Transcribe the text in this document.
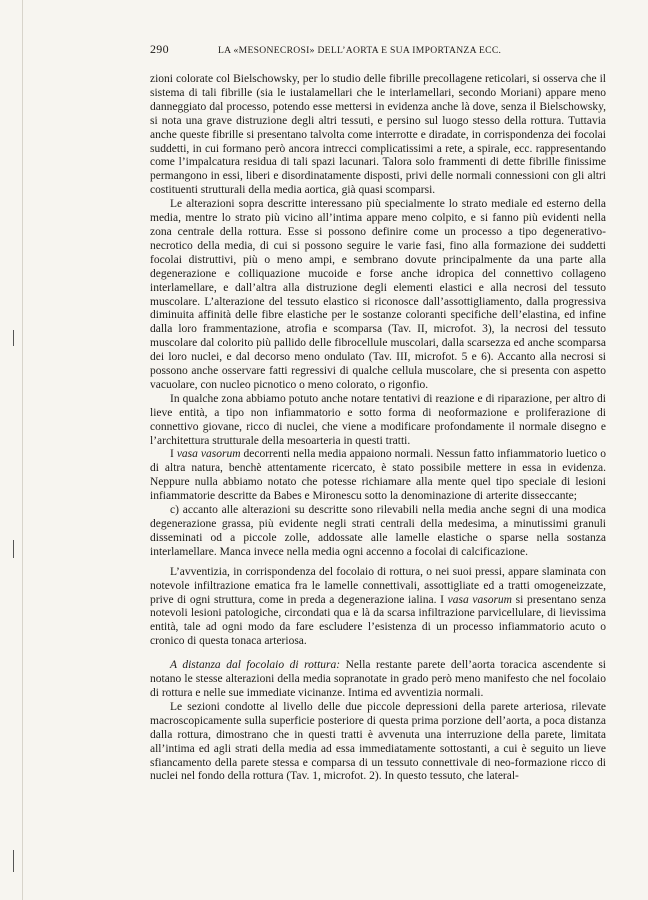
290	LA «MESONECROSI» DELL’AORTA E SUA IMPORTANZA ECC.

zioni colorate col Bielschowsky, per lo studio delle fibrille precollagene reticolari, si osserva che il sistema di tali fibrille (sia le iustalamellari che le interlamellari, secondo Moriani) appare meno danneggiato dal processo, potendo esse mettersi in evidenza anche là dove, senza il Bielschowsky, si nota una grave distruzione degli altri tessuti, e persino sul luogo stesso della rottura. Tuttavia anche queste fibrille si presentano talvolta come interrotte e diradate, in corrispondenza dei focolai suddetti, in cui formano però ancora intrecci complicatissimi a rete, a spirale, ecc. rappresentando come l’impalcatura residua di tali spazi lacunari. Talora solo frammenti di dette fibrille finissime permangono in essi, liberi e disordinatamente disposti, privi delle normali connessioni con gli altri costituenti strutturali della media aortica, già quasi scomparsi.

Le alterazioni sopra descritte interessano più specialmente lo strato mediale ed esterno della media, mentre lo strato più vicino all’intima appare meno colpito, e si fanno più evidenti nella zona centrale della rottura. Esse si possono definire come un processo a tipo degenerativo-necrotico della media, di cui si possono seguire le varie fasi, fino alla formazione dei suddetti focolai distruttivi, più o meno ampi, e sembrano dovute principalmente da una parte alla degenerazione e colliquazione mucoide e forse anche idropica del connettivo collageno interlamellare, e dall’altra alla distruzione degli elementi elastici e alla necrosi del tessuto muscolare. L’alterazione del tessuto elastico si riconosce dall’assottigliamento, dalla progressiva diminuita affinità delle fibre elastiche per le sostanze coloranti specifiche dell’elastina, ed infine dalla loro frammentazione, atrofia e scomparsa (Tav. II, microfot. 3), la necrosi del tessuto muscolare dal colorito più pallido delle fibrocellule muscolari, dalla scarsezza ed anche scomparsa dei loro nuclei, e dal decorso meno ondulato (Tav. III, microfot. 5 e 6). Accanto alla necrosi si possono anche osservare fatti regressivi di qualche cellula muscolare, che si presenta con aspetto vacuolare, con nucleo picnotico o meno colorato, o rigonfio.

In qualche zona abbiamo potuto anche notare tentativi di reazione e di riparazione, per altro di lieve entità, a tipo non infiammatorio e sotto forma di neoformazione e proliferazione di connettivo giovane, ricco di nuclei, che viene a modificare profondamente il normale disegno e l’architettura strutturale della mesoarteria in questi tratti.

I vasa vasorum decorrenti nella media appaiono normali. Nessun fatto infiammatorio luetico o di altra natura, benchè attentamente ricercato, è stato possibile mettere in essa in evidenza. Neppure nulla abbiamo notato che potesse richiamare alla mente quel tipo speciale di lesioni infiammatorie descritte da Babes e Mironescu sotto la denominazione di arterite disseccante;

c) accanto alle alterazioni su descritte sono rilevabili nella media anche segni di una modica degenerazione grassa, più evidente negli strati centrali della medesima, a minutissimi granuli disseminati od a piccole zolle, addossate alle lamelle elastiche o sparse nella sostanza interlamellare. Manca invece nella media ogni accenno a focolai di calcificazione.

L’avventizia, in corrispondenza del focolaio di rottura, o nei suoi pressi, appare slaminata con notevole infiltrazione ematica fra le lamelle connettivali, assottigliate ed a tratti omogeneizzate, prive di ogni struttura, come in preda a degenerazione ialina. I vasa vasorum si presentano senza notevoli lesioni patologiche, circondati qua e là da scarsa infiltrazione parvicellulare, di lievissima entità, tale ad ogni modo da fare escludere l’esistenza di un processo infiammatorio acuto o cronico di questa tonaca arteriosa.

A distanza dal focolaio di rottura: Nella restante parete dell’aorta toracica ascendente si notano le stesse alterazioni della media sopranotate in grado però meno manifesto che nel focolaio di rottura e nelle sue immediate vicinanze. Intima ed avventizia normali.

Le sezioni condotte al livello delle due piccole depressioni della parete arteriosa, rilevate macroscopicamente sulla superficie posteriore di questa prima porzione dell’aorta, a poca distanza dalla rottura, dimostrano che in questi tratti è avvenuta una interruzione della parete, limitata all’intima ed agli strati della media ad essa immediatamente sottostanti, a cui è seguito un lieve sfiancamento della parete stessa e comparsa di un tessuto connettivale di neo-formazione ricco di nuclei nel fondo della rottura (Tav. 1, microfot. 2). In questo tessuto, che lateral-
